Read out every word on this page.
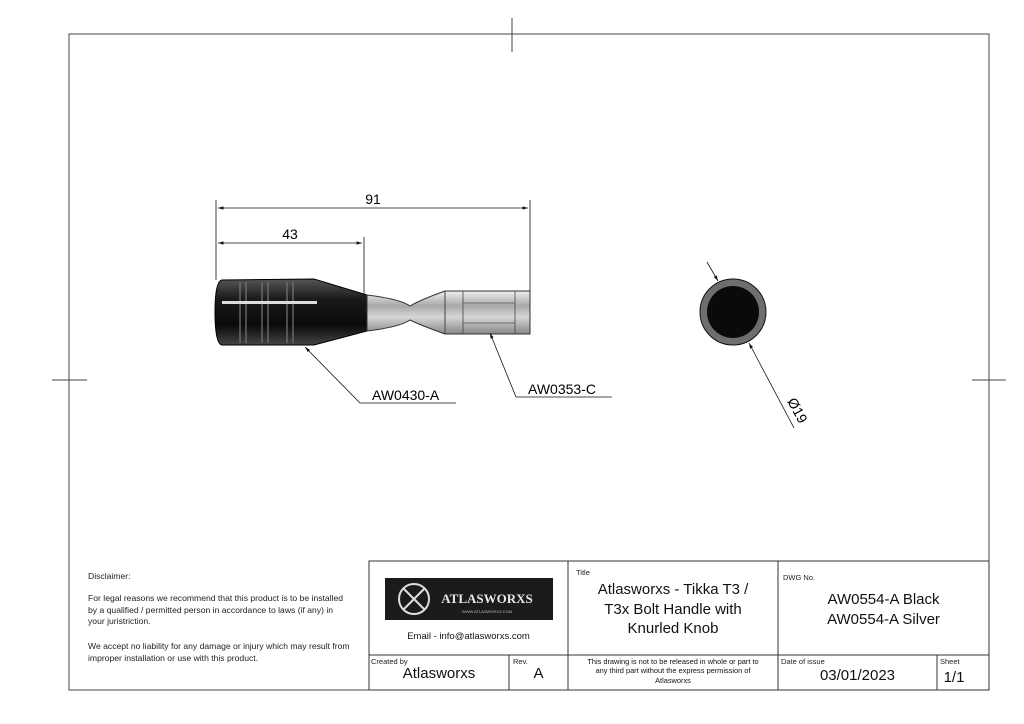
91
43
AW0430-A	AW0353-C
Ø19
ATLASWORXS
WWW.ATLASWORXS.COM
Disclaimer:

For legal reasons we recommend that this product is to be installed by a qualified / permitted person in accordance to laws (if any) in your juristriction.

We accept no liability for any damage or injury which may result from improper installation or use with this product.

Email - info@atlasworxs.com
Title
Atlasworxs - Tikka T3 /
T3x Bolt Handle with
Knurled Knob
DWG No.
AW0554-A Black
AW0554-A Silver
Created by
Atlasworxs
Rev.
A
This drawing is not to be released in whole or part to
any third part without the express permission of
Atlasworxs
Date of issue
03/01/2023
Sheet
1/1
